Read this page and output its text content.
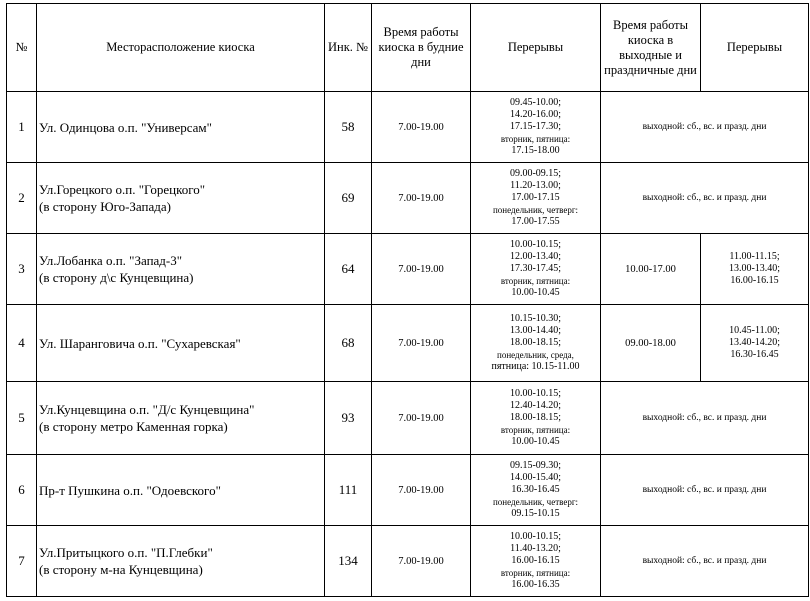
№	Месторасположение киоска	Инк. №	Время работы киоска в будние дни	Перерывы	Время работы киоска в выходные и праздничные дни	Перерывы
1	Ул. Одинцова о.п. "Универсам"	58	7.00-19.00	09.45-10.00;
14.20-16.00;
17.15-17.30;
вторник, пятница:
17.15-18.00	выходной: сб., вс. и празд. дни	
2	Ул.Горецкого о.п. "Горецкого"
(в сторону Юго-Запада)	69	7.00-19.00	09.00-09.15;
11.20-13.00;
17.00-17.15
понедельник, четверг:
17.00-17.55	выходной: сб., вс. и празд. дни	
3	Ул.Лобанка о.п. "Запад-3"
(в сторону д\с Кунцевщина)	64	7.00-19.00	10.00-10.15;
12.00-13.40;
17.30-17.45;
вторник, пятница:
10.00-10.45	10.00-17.00	11.00-11.15;
13.00-13.40;
16.00-16.15

4	Ул. Шаранговича о.п. "Сухаревская"	68	7.00-19.00	10.15-10.30;
13.00-14.40;
18.00-18.15;
понедельник, среда,
пятница: 10.15-11.00	09.00-18.00	10.45-11.00;
13.40-14.20;
16.30-16.45

5	Ул.Кунцевщина о.п. "Д/с Кунцевщина"
(в сторону метро Каменная горка)	93	7.00-19.00	10.00-10.15;
12.40-14.20;
18.00-18.15;
вторник, пятница:
10.00-10.45	выходной: сб., вс. и празд. дни	
6	Пр-т Пушкина о.п. "Одоевского"	111	7.00-19.00	09.15-09.30;
14.00-15.40;
16.30-16.45
понедельник, четверг:
09.15-10.15	выходной: сб., вс. и празд. дни	
7	Ул.Притыцкого о.п. "П.Глебки"
(в сторону м-на Кунцевщина)	134	7.00-19.00	10.00-10.15;
11.40-13.20;
16.00-16.15
вторник, пятница:
16.00-16.35	выходной: сб., вс. и празд. дни	
